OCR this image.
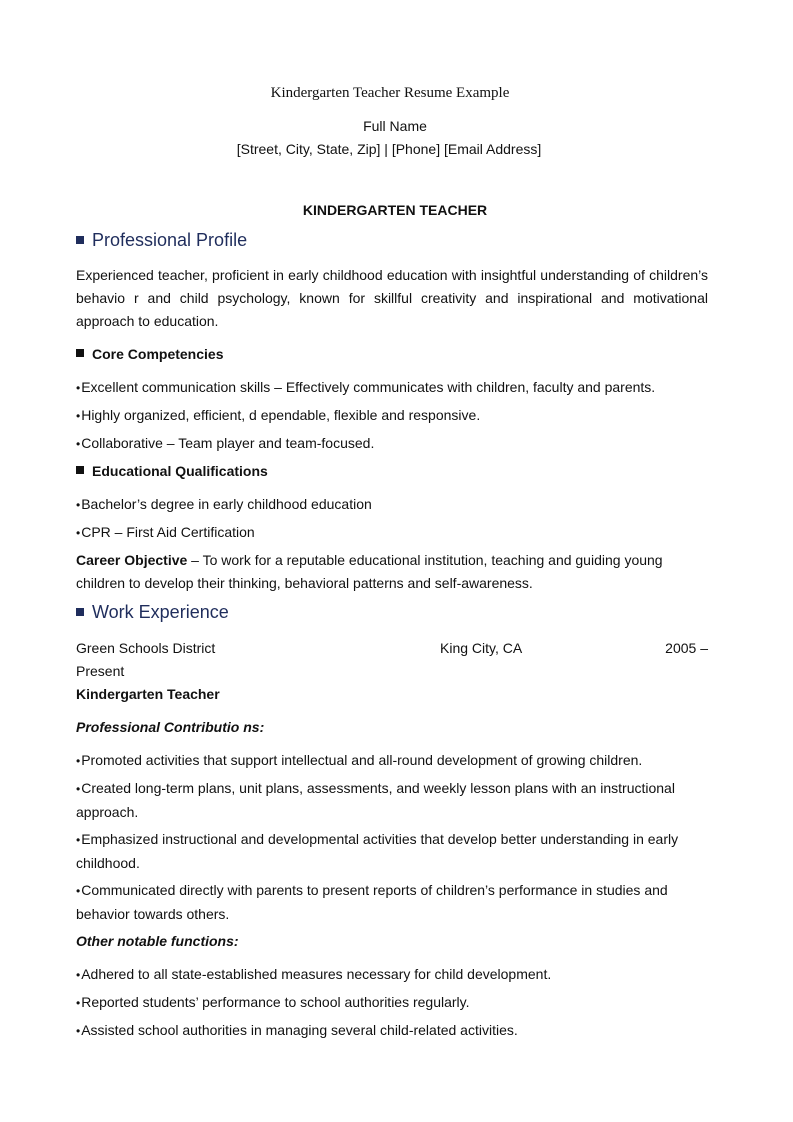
Kindergarten Teacher Resume Example
Full Name
[Street, City, State, Zip] | [Phone] [Email Address]
KINDERGARTEN TEACHER
Professional Profile
Experienced teacher, proficient in early childhood education with insightful understanding of children’s behavio r and child psychology, known for skillful creativity and inspirational and motivational approach to education.
Core Competencies
•Excellent communication skills – Effectively communicates with children, faculty and parents.
•Highly organized, efficient, d ependable, flexible and responsive.
•Collaborative – Team player and team-focused.
Educational Qualifications
•Bachelor’s degree in early childhood education
•CPR – First Aid Certification
Career Objective – To work for a reputable educational institution, teaching and guiding young children to develop their thinking, behavioral patterns and self-awareness.
Work Experience
Green Schools District	King City, CA	2005 –
Present
Kindergarten Teacher
Professional Contributio ns:
•Promoted activities that support intellectual and all-round development of growing children.
•Created long-term plans, unit plans, assessments, and weekly lesson plans with an instructional approach.
•Emphasized instructional and developmental activities that develop better understanding in early childhood.
•Communicated directly with parents to present reports of children’s performance in studies and behavior towards others.
Other notable functions:
•Adhered to all state-established measures necessary for child development.
•Reported students’ performance to school authorities regularly.
•Assisted school authorities in managing several child-related activities.
